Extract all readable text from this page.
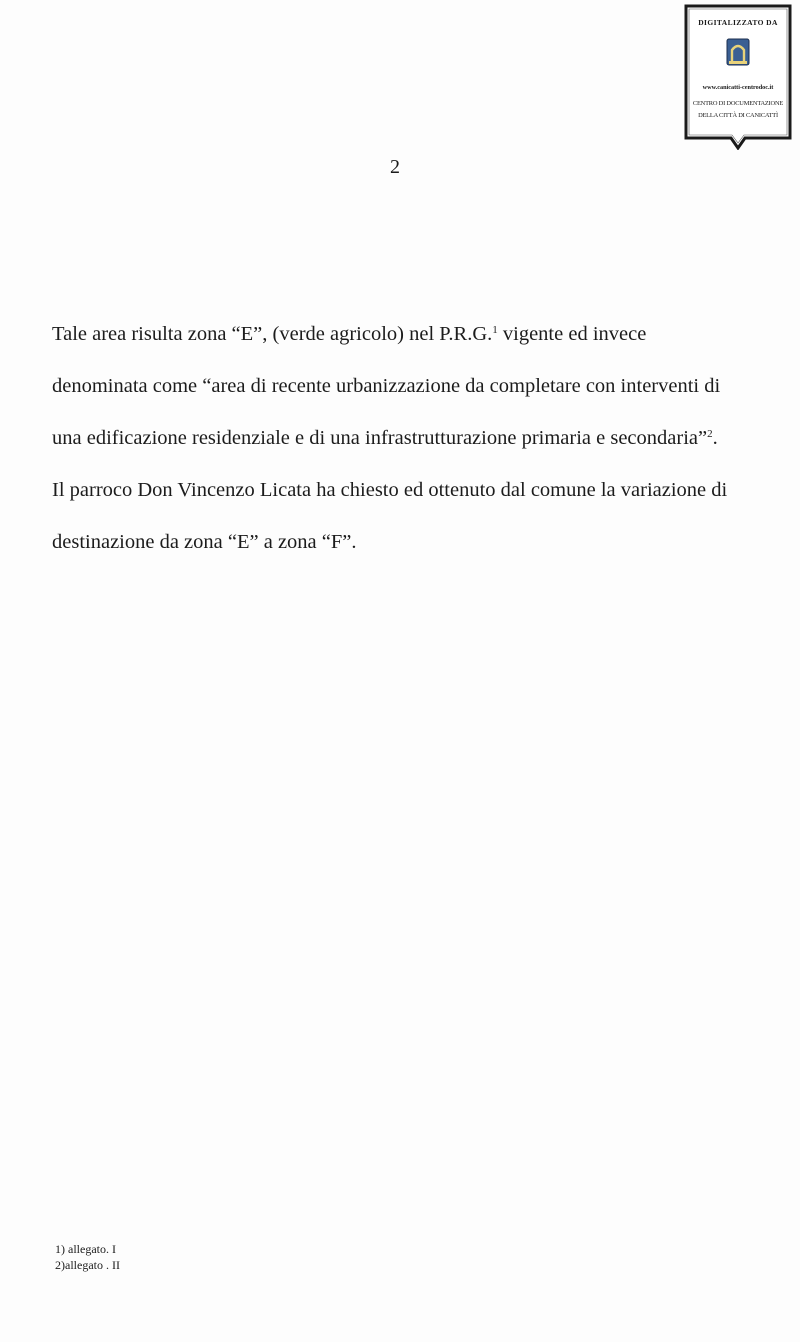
DIGITALIZZATO DA
www.canicatti-centrodoc.it
CENTRO DI DOCUMENTAZIONE
DELLA CITTÀ DI CANICATTÌ
2
Tale area risulta zona “E”, (verde agricolo) nel P.R.G.$^1$ vigente ed invece
denominata come “area di recente urbanizzazione da completare con interventi di
una edificazione residenziale e di una infrastrutturazione primaria e secondaria”$^2$.
Il parroco Don Vincenzo Licata ha chiesto ed ottenuto dal comune la variazione di
destinazione da zona “E” a zona “F”.
1) allegato. I
2)allegato . II
